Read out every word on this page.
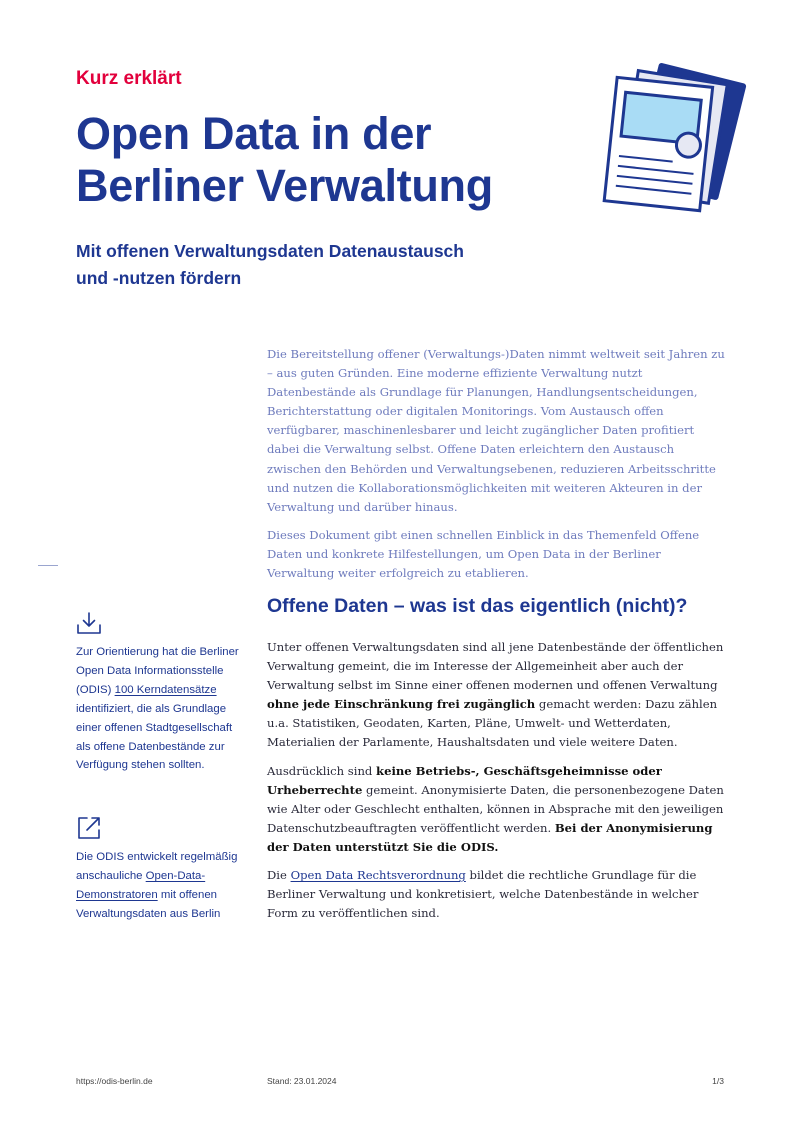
Kurz erklärt
Open Data in der
Berliner Verwaltung
Mit offenen Verwaltungsdaten Datenaustausch
und -nutzen fördern

Die Bereitstellung offener (Verwaltungs-)Daten nimmt weltweit seit Jahren zu – aus guten Gründen. Eine moderne effiziente Verwaltung nutzt Datenbestände als Grundlage für Planungen, Handlungsentscheidungen, Berichterstattung oder digitalen Monitorings. Vom Austausch offen verfügbarer, maschinenlesbarer und leicht zugänglicher Daten profitiert dabei die Verwaltung selbst. Offene Daten erleichtern den Austausch zwischen den Behörden und Verwaltungsebenen, reduzieren Arbeitsschritte und nutzen die Kollaborationsmöglichkeiten mit weiteren Akteuren in der Verwaltung und darüber hinaus.

Dieses Dokument gibt einen schnellen Einblick in das Themenfeld Offene Daten und konkrete Hilfestellungen, um Open Data in der Berliner Verwaltung weiter erfolgreich zu etablieren.

Offene Daten – was ist das eigentlich (nicht)?

Unter offenen Verwaltungsdaten sind all jene Datenbestände der öffentlichen Verwaltung gemeint, die im Interesse der Allgemeinheit aber auch der Verwaltung selbst im Sinne einer offenen modernen und offenen Verwaltung ohne jede Einschränkung frei zugänglich gemacht werden: Dazu zählen u.a. Statistiken, Geodaten, Karten, Pläne, Umwelt- und Wetterdaten, Materialien der Parlamente, Haushaltsdaten und viele weitere Daten.

Ausdrücklich sind keine Betriebs-, Geschäftsgeheimnisse oder Urheberrechte gemeint. Anonymisierte Daten, die personenbezogene Daten wie Alter oder Geschlecht enthalten, können in Absprache mit den jeweiligen Datenschutzbeauftragten veröffentlicht werden. Bei der Anonymisierung der Daten unterstützt Sie die ODIS.

Die Open Data Rechtsverordnung bildet die rechtliche Grundlage für die Berliner Verwaltung und konkretisiert, welche Datenbestände in welcher Form zu veröffentlichen sind.

Zur Orientierung hat die Berliner Open Data Informationsstelle (ODIS) 100 Kerndatensätze identifiziert, die als Grundlage einer offenen Stadtgesellschaft als offene Datenbestände zur Verfügung stehen sollten.
Die ODIS entwickelt regelmäßig anschauliche Open-Data-Demonstratoren mit offenen Verwaltungsdaten aus Berlin
https://odis-berlin.de	Stand: 23.01.2024	1/3
